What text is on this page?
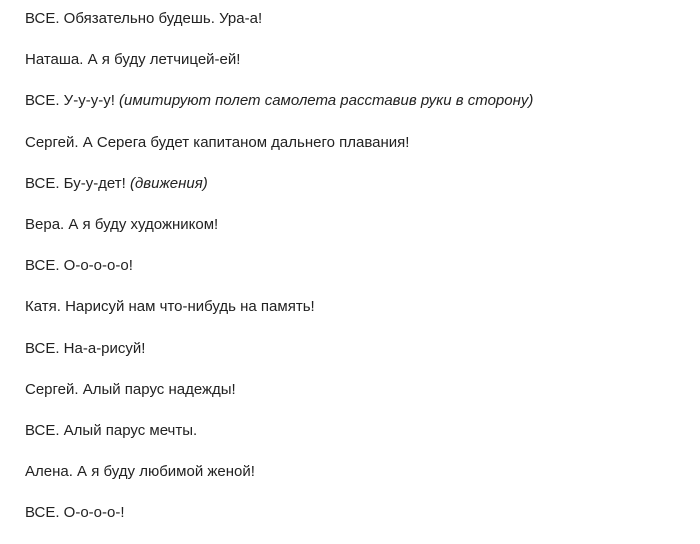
ВСЕ. Обязательно будешь. Ура-а!

Наташа. А я буду летчицей-ей!

ВСЕ. У-у-у-у! (имитируют полет самолета расставив руки в сторону)

Сергей. А Серега будет капитаном дальнего плавания!

ВСЕ. Бу-у-дет! (движения)

Вера. А я буду художником!

ВСЕ. О-о-о-о-о!

Катя. Нарисуй нам что-нибудь на память!

ВСЕ. На-а-рисуй!

Сергей. Алый парус надежды!

ВСЕ. Алый парус мечты.

Алена. А я буду любимой женой!

ВСЕ. О-о-о-о-!
